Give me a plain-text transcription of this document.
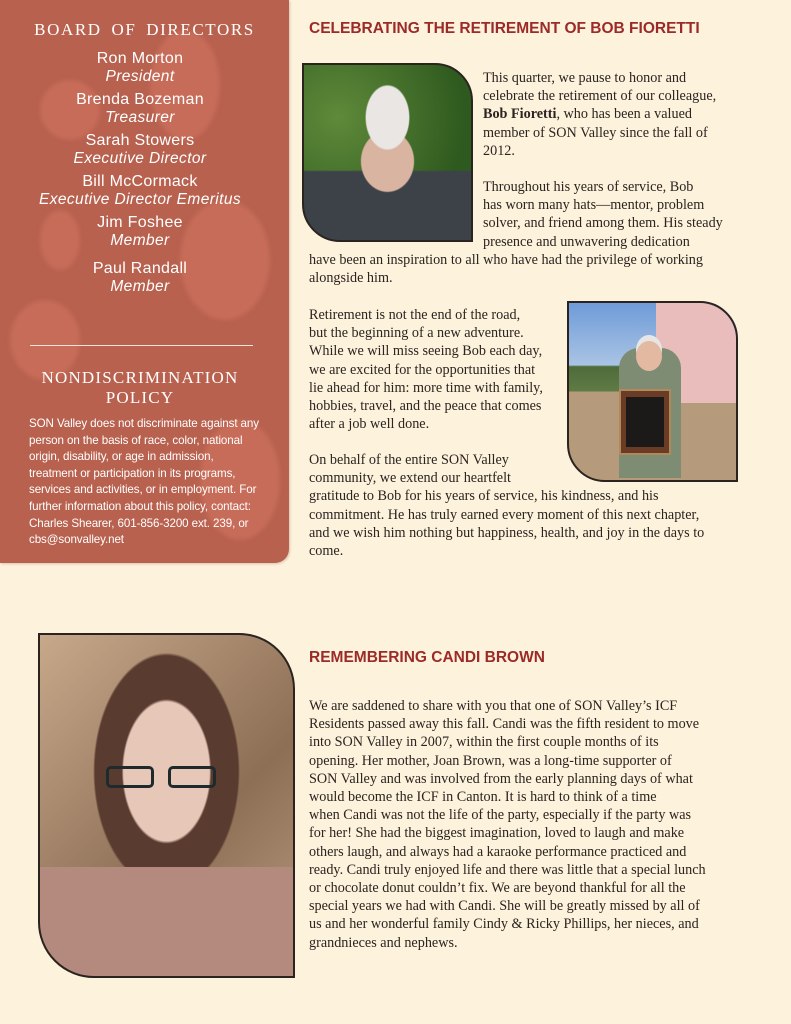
BOARD OF DIRECTORS
Ron Morton
President
Brenda Bozeman
Treasurer
Sarah Stowers
Executive Director
Bill McCormack
Executive Director Emeritus
Jim Foshee
Member
Paul Randall
Member
NONDISCRIMINATION
POLICY
SON Valley does not discriminate against any
person on the basis of race, color, national
origin, disability, or age in admission,
treatment or participation in its programs,
services and activities, or in employment. For
further information about this policy, contact:
Charles Shearer, 601-856-3200 ext. 239, or
cbs@sonvalley.net
CELEBRATING THE RETIREMENT OF BOB FIORETTI
This quarter, we pause to honor and
celebrate the retirement of our colleague,
Bob Fioretti, who has been a valued
member of SON Valley since the fall of
2012.
Throughout his years of service, Bob
has worn many hats—mentor, problem
solver, and friend among them. His steady
presence and unwavering dedication
have been an inspiration to all who have had the privilege of working
alongside him.
Retirement is not the end of the road,
but the beginning of a new adventure.
While we will miss seeing Bob each day,
we are excited for the opportunities that
lie ahead for him: more time with family,
hobbies, travel, and the peace that comes
after a job well done.
On behalf of the entire SON Valley
community, we extend our heartfelt
gratitude to Bob for his years of service, his kindness, and his
commitment. He has truly earned every moment of this next chapter,
and we wish him nothing but happiness, health, and joy in the days to
come.
REMEMBERING CANDI BROWN
We are saddened to share with you that one of SON Valley’s ICF
Residents passed away this fall. Candi was the fifth resident to move
into SON Valley in 2007, within the first couple months of its
opening. Her mother, Joan Brown, was a long-time supporter of
SON Valley and was involved from the early planning days of what
would become the ICF in Canton. It is hard to think of a time
when Candi was not the life of the party, especially if the party was
for her! She had the biggest imagination, loved to laugh and make
others laugh, and always had a karaoke performance practiced and
ready. Candi truly enjoyed life and there was little that a special lunch
or chocolate donut couldn’t fix. We are beyond thankful for all the
special years we had with Candi. She will be greatly missed by all of
us and her wonderful family Cindy & Ricky Phillips, her nieces, and
grandnieces and nephews.
